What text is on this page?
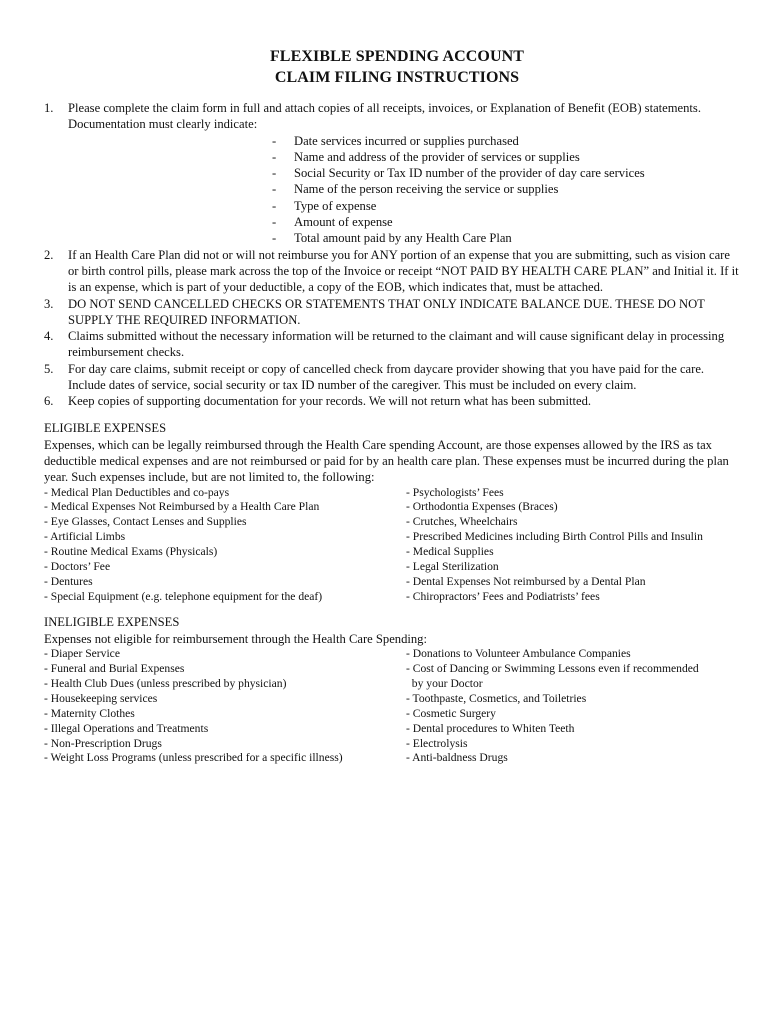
FLEXIBLE SPENDING ACCOUNT
CLAIM FILING INSTRUCTIONS
1. Please complete the claim form in full and attach copies of all receipts, invoices, or Explanation of Benefit (EOB) statements. Documentation must clearly indicate:
- Date services incurred or supplies purchased
- Name and address of the provider of services or supplies
- Social Security or Tax ID number of the provider of day care services
- Name of the person receiving the service or supplies
- Type of expense
- Amount of expense
- Total amount paid by any Health Care Plan
2. If an Health Care Plan did not or will not reimburse you for ANY portion of an expense that you are submitting, such as vision care or birth control pills, please mark across the top of the Invoice or receipt “NOT PAID BY HEALTH CARE PLAN” and Initial it. If it is an expense, which is part of your deductible, a copy of the EOB, which indicates that, must be attached.
3. DO NOT SEND CANCELLED CHECKS OR STATEMENTS THAT ONLY INDICATE BALANCE DUE. THESE DO NOT SUPPLY THE REQUIRED INFORMATION.
4. Claims submitted without the necessary information will be returned to the claimant and will cause significant delay in processing reimbursement checks.
5. For day care claims, submit receipt or copy of cancelled check from daycare provider showing that you have paid for the care. Include dates of service, social security or tax ID number of the caregiver. This must be included on every claim.
6. Keep copies of supporting documentation for your records. We will not return what has been submitted.
ELIGIBLE EXPENSES
Expenses, which can be legally reimbursed through the Health Care spending Account, are those expenses allowed by the IRS as tax deductible medical expenses and are not reimbursed or paid for by an health care plan. These expenses must be incurred during the plan year. Such expenses include, but are not limited to, the following:
- Medical Plan Deductibles and co-pays
- Medical Expenses Not Reimbursed by a Health Care Plan
- Eye Glasses, Contact Lenses and Supplies
- Artificial Limbs
- Routine Medical Exams (Physicals)
- Doctors’ Fee
- Dentures
- Special Equipment (e.g. telephone equipment for the deaf)
- Psychologists’ Fees
- Orthodontia Expenses (Braces)
- Crutches, Wheelchairs
- Prescribed Medicines including Birth Control Pills and Insulin
- Medical Supplies
- Legal Sterilization
- Dental Expenses Not reimbursed by a Dental Plan
- Chiropractors’ Fees and Podiatrists’ fees
INELIGIBLE EXPENSES
Expenses not eligible for reimbursement through the Health Care Spending:
- Diaper Service
- Funeral and Burial Expenses
- Health Club Dues (unless prescribed by physician)
- Housekeeping services
- Maternity Clothes
- Illegal Operations and Treatments
- Non-Prescription Drugs
- Weight Loss Programs (unless prescribed for a specific illness)
- Donations to Volunteer Ambulance Companies
- Cost of Dancing or Swimming Lessons even if recommended
by your Doctor
- Toothpaste, Cosmetics, and Toiletries
- Cosmetic Surgery
- Dental procedures to Whiten Teeth
- Electrolysis
- Anti-baldness Drugs
